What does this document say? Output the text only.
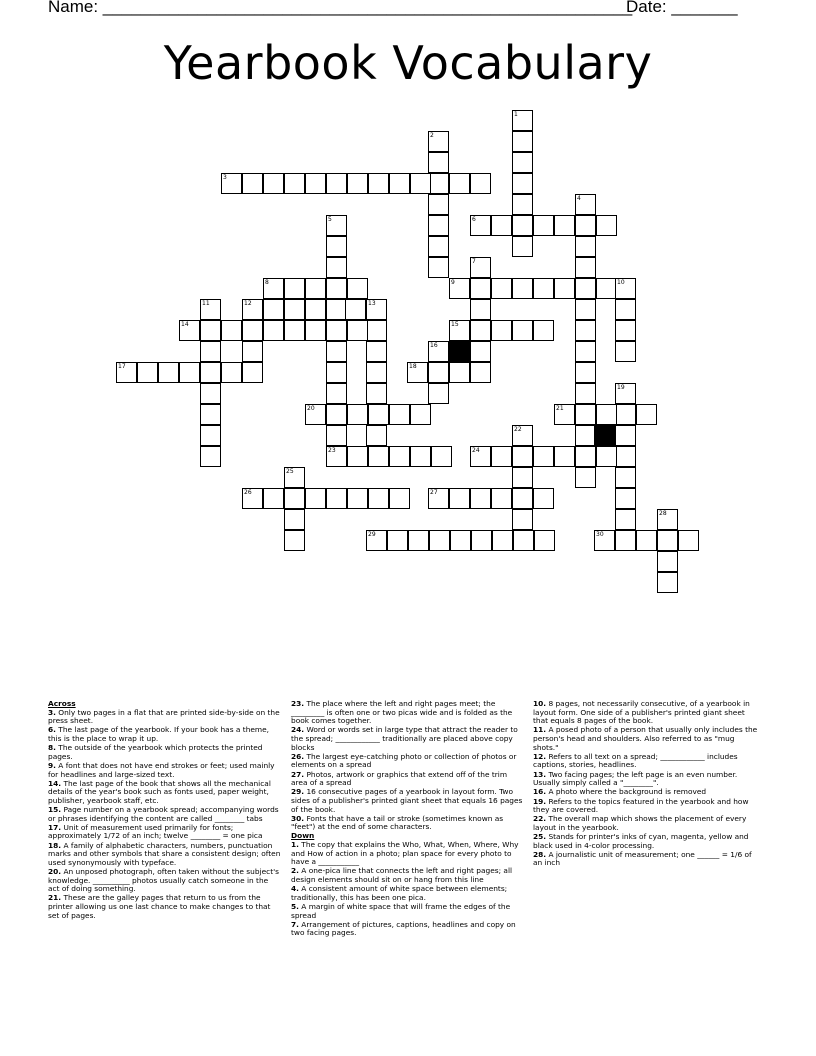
Name: ________________________________________________________
Date: _______
Yearbook Vocabulary
1
2
3
4
6
5
7
8	9	10
11	12	13
14	15
16
17	18
19
20	21
22
24
25
26	27
28
29	30
23
Across
3. Only two pages in a flat that are printed side-by-side on the press sheet.
6. The last page of the yearbook. If your book has a theme, this is the place to wrap it up.
8. The outside of the yearbook which protects the printed pages.
9. A font that does not have end strokes or feet; used mainly for headlines and large-sized text.
14. The last page of the book that shows all the mechanical details of the year's book such as fonts used, paper weight, publisher, yearbook staff, etc.
15. Page number on a yearbook spread; accompanying words or phrases identifying the content are called ________ tabs
17. Unit of measurement used primarily for fonts; approximately 1/72 of an inch; twelve ________ = one pica
18. A family of alphabetic characters, numbers, punctuation marks and other symbols that share a consistent design; often used synonymously with typeface.
20. An unposed photograph, often taken without the subject's knowledge. __________ photos usually catch someone in the act of doing something.
21. These are the galley pages that return to us from the printer allowing us one last chance to make changes to that set of pages.
23. The place where the left and right pages meet; the _________ is often one or two picas wide and is folded as the book comes together.
24. Word or words set in large type that attract the reader to the spread; ____________ traditionally are placed above copy blocks
26. The largest eye-catching photo or collection of photos or elements on a spread
27. Photos, artwork or graphics that extend off of the trim area of a spread
29. 16 consecutive pages of a yearbook in layout form. Two sides of a publisher's printed giant sheet that equals 16 pages of the book.
30. Fonts that have a tail or stroke (sometimes known as "feet") at the end of some characters.
Down
1. The copy that explains the Who, What, When, Where, Why and How of action in a photo; plan space for every photo to have a ___________
2. A one-pica line that connects the left and right pages; all design elements should sit on or hang from this line
4. A consistent amount of white space between elements; traditionally, this has been one pica.
5. A margin of white space that will frame the edges of the spread
7. Arrangement of pictures, captions, headlines and copy on two facing pages.
10. 8 pages, not necessarily consecutive, of a yearbook in layout form. One side of a publisher's printed giant sheet that equals 8 pages of the book.
11. A posed photo of a person that usually only includes the person's head and shoulders. Also referred to as "mug shots."
12. Refers to all text on a spread; ____________ includes captions, stories, headlines.
13. Two facing pages; the left page is an even number. Usually simply called a "________".
16. A photo where the background is removed
19. Refers to the topics featured in the yearbook and how they are covered.
22. The overall map which shows the placement of every layout in the yearbook.
25. Stands for printer's inks of cyan, magenta, yellow and black used in 4-color processing.
28. A journalistic unit of measurement; one ______ = 1/6 of an inch
